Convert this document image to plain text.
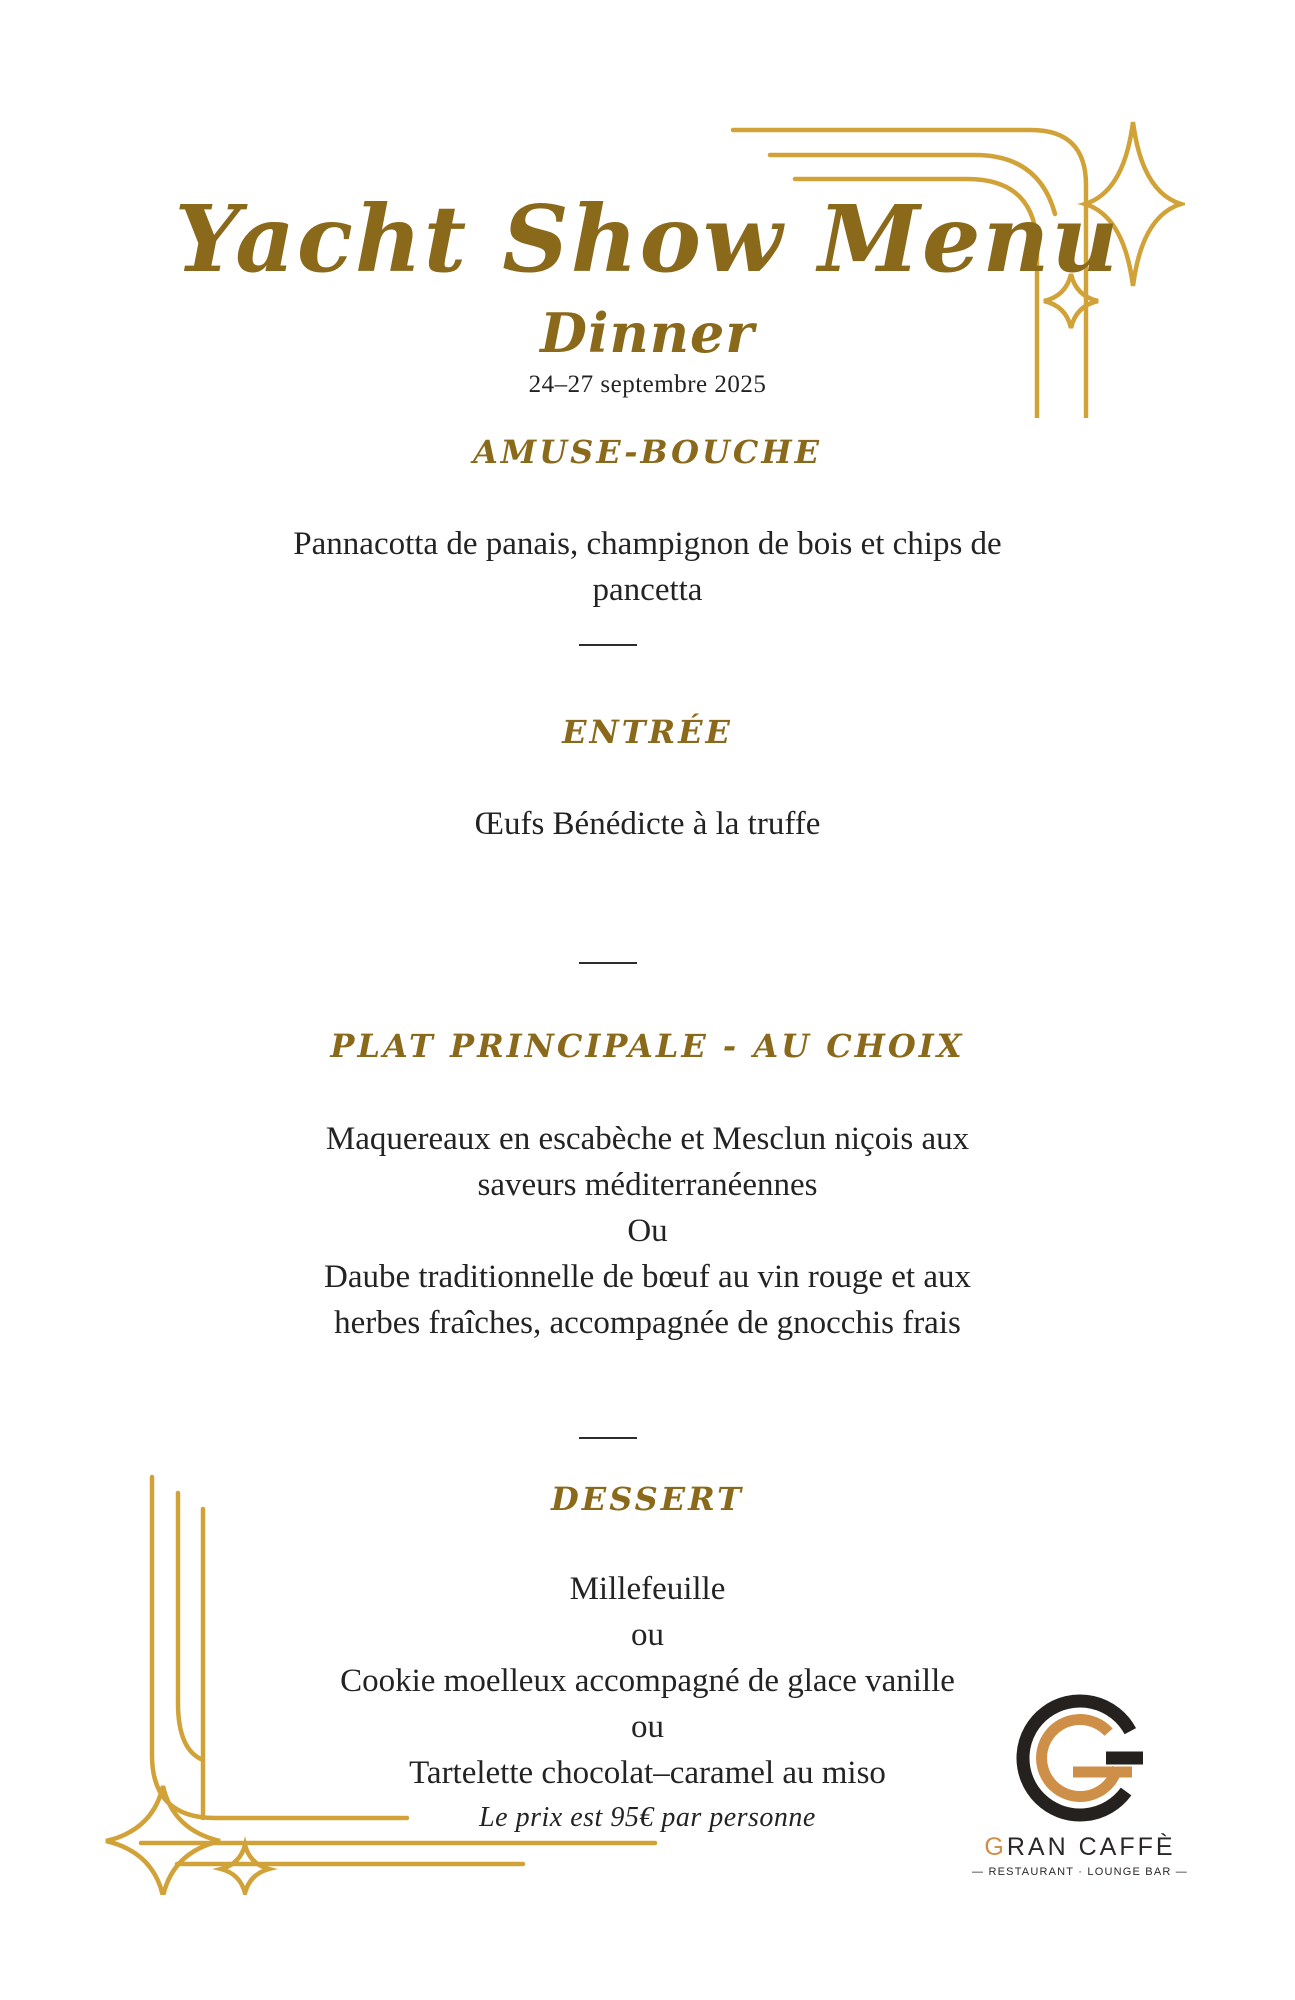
Yacht Show Menu
Dinner
24–27 septembre 2025
AMUSE-BOUCHE
Pannacotta de panais, champignon de bois et chips de
pancetta
ENTRÉE
Œufs Bénédicte à la truffe
PLAT PRINCIPALE - AU CHOIX
Maquereaux en escabèche et Mesclun niçois aux
saveurs méditerranéennes
Ou
Daube traditionnelle de bœuf au vin rouge et aux
herbes fraîches, accompagnée de gnocchis frais
DESSERT
Millefeuille
ou
Cookie moelleux accompagné de glace vanille
ou
Tartelette chocolat–caramel au miso
Le prix est 95€ par personne
GRAN CAFFÈ
— RESTAURANT · LOUNGE BAR —
